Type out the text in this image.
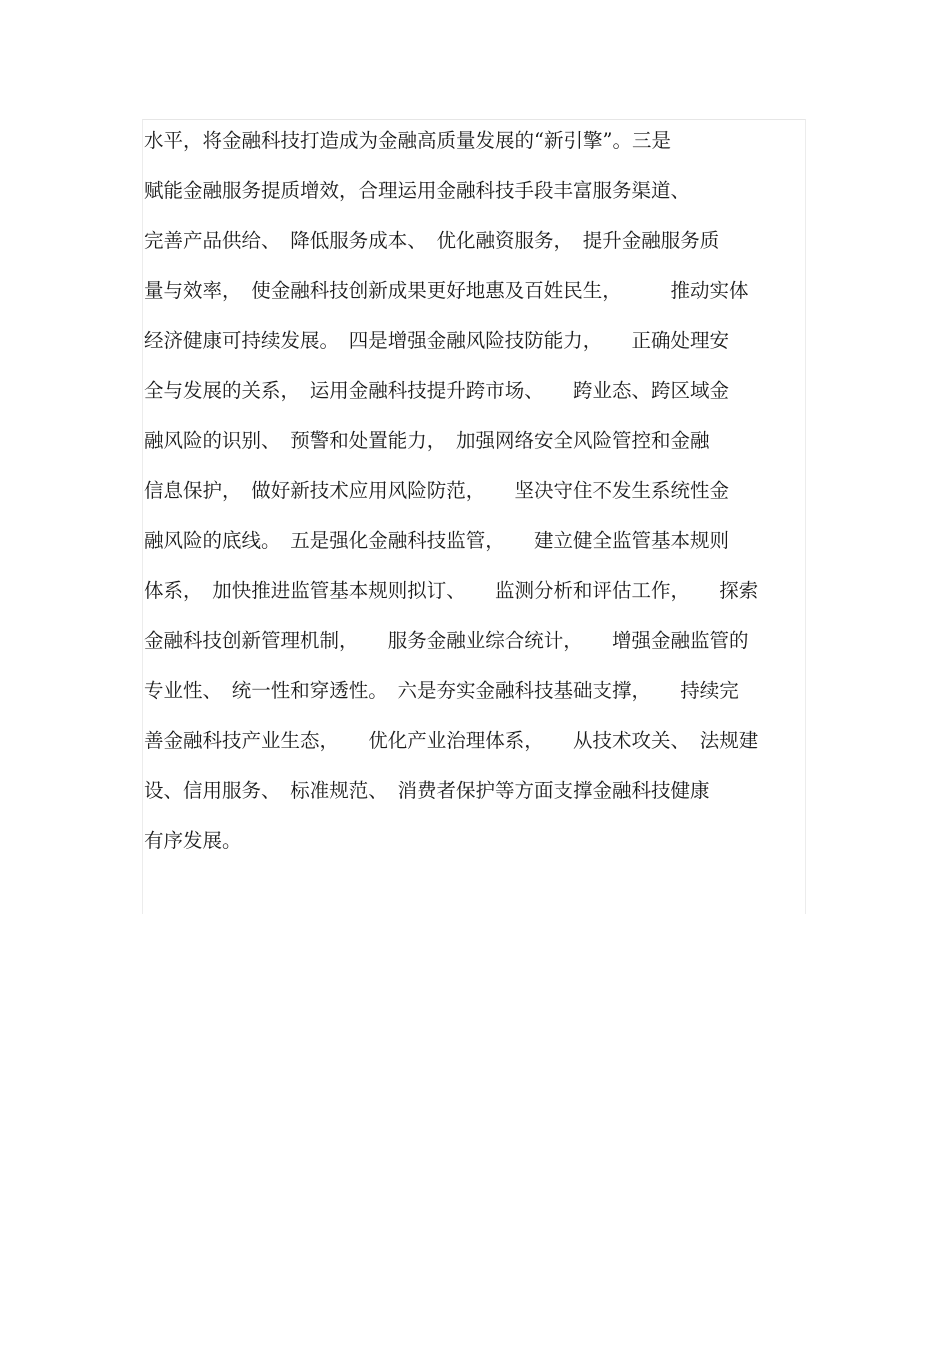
水平，将金融科技打造成为金融高质量发展的“新引擎”。三是
赋能金融服务提质增效，合理运用金融科技手段丰富服务渠道、
完善产品供给、　降低服务成本、　优化融资服务，　提升金融服务质
量与效率，　使金融科技创新成果更好地惠及百姓民生，　　　推动实体
经济健康可持续发展。　四是增强金融风险技防能力，　　正确处理安
全与发展的关系，　运用金融科技提升跨市场、　　跨业态、跨区域金
融风险的识别、　预警和处置能力，　加强网络安全风险管控和金融
信息保护，　做好新技术应用风险防范，　　坚决守住不发生系统性金
融风险的底线。　五是强化金融科技监管，　　建立健全监管基本规则
体系，　加快推进监管基本规则拟订、　　监测分析和评估工作，　　探索
金融科技创新管理机制，　　服务金融业综合统计，　　增强金融监管的
专业性、　统一性和穿透性。　六是夯实金融科技基础支撑，　　持续完
善金融科技产业生态，　　优化产业治理体系，　　从技术攻关、　法规建
设、信用服务、　标准规范、　消费者保护等方面支撑金融科技健康
有序发展。
